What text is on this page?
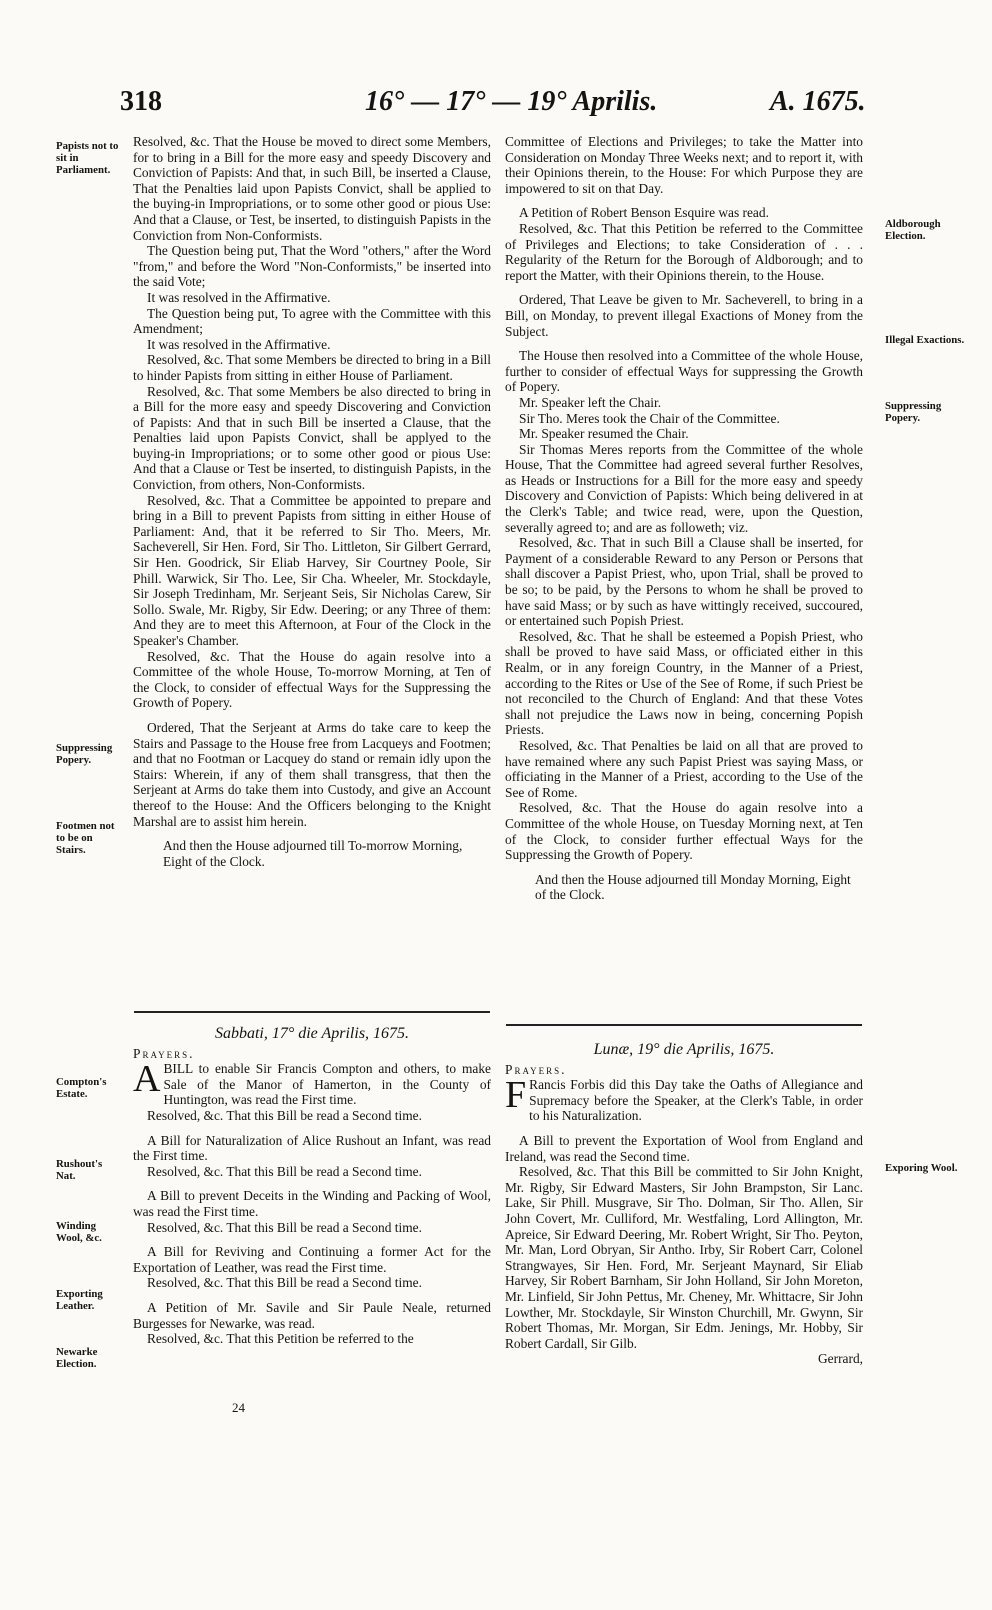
318	16° — 17° — 19° Aprilis.	A. 1675.
Papists not to sit in Parliament.
Suppressing Popery.
Footmen not to be on Stairs.
Compton's Estate.
Rushout's Nat.
Winding Wool, &c.
Exporting Leather.
Newarke Election.
Aldborough Election.
Illegal Exactions.
Suppressing Popery.
Exporing Wool.

Resolved, &c. That the House be moved to direct some Members, for to bring in a Bill for the more easy and speedy Discovery and Conviction of Papists: And that, in such Bill, be inserted a Clause, That the Penalties laid upon Papists Convict, shall be applied to the buying-in Impropriations, or to some other good or pious Use: And that a Clause, or Test, be inserted, to distinguish Papists in the Conviction from Non-Conformists.

The Question being put, That the Word "others," after the Word "from," and before the Word "Non-Conformists," be inserted into the said Vote;

It was resolved in the Affirmative.

The Question being put, To agree with the Committee with this Amendment;

It was resolved in the Affirmative.

Resolved, &c. That some Members be directed to bring in a Bill to hinder Papists from sitting in either House of Parliament.

Resolved, &c. That some Members be also directed to bring in a Bill for the more easy and speedy Discovering and Conviction of Papists: And that in such Bill be inserted a Clause, that the Penalties laid upon Papists Convict, shall be applyed to the buying-in Impropriations; or to some other good or pious Use: And that a Clause or Test be inserted, to distinguish Papists, in the Conviction, from others, Non-Conformists.

Resolved, &c. That a Committee be appointed to prepare and bring in a Bill to prevent Papists from sitting in either House of Parliament: And, that it be referred to Sir Tho. Meers, Mr. Sacheverell, Sir Hen. Ford, Sir Tho. Littleton, Sir Gilbert Gerrard, Sir Hen. Goodrick, Sir Eliab Harvey, Sir Courtney Poole, Sir Phill. Warwick, Sir Tho. Lee, Sir Cha. Wheeler, Mr. Stockdayle, Sir Joseph Tredinham, Mr. Serjeant Seis, Sir Nicholas Carew, Sir Sollo. Swale, Mr. Rigby, Sir Edw. Deering; or any Three of them: And they are to meet this Afternoon, at Four of the Clock in the Speaker's Chamber.

Resolved, &c. That the House do again resolve into a Committee of the whole House, To-morrow Morning, at Ten of the Clock, to consider of effectual Ways for the Suppressing the Growth of Popery.

Ordered, That the Serjeant at Arms do take care to keep the Stairs and Passage to the House free from Lacqueys and Footmen; and that no Footman or Lacquey do stand or remain idly upon the Stairs: Wherein, if any of them shall transgress, that then the Serjeant at Arms do take them into Custody, and give an Account thereof to the House: And the Officers belonging to the Knight Marshal are to assist him herein.

And then the House adjourned till To-morrow Morning, Eight of the Clock.

Sabbati, 17° die Aprilis, 1675.
Prayers.

ABILL to enable Sir Francis Compton and others, to make Sale of the Manor of Hamerton, in the County of Huntington, was read the First time.

Resolved, &c. That this Bill be read a Second time.

A Bill for Naturalization of Alice Rushout an Infant, was read the First time.

Resolved, &c. That this Bill be read a Second time.

A Bill to prevent Deceits in the Winding and Packing of Wool, was read the First time.

Resolved, &c. That this Bill be read a Second time.

A Bill for Reviving and Continuing a former Act for the Exportation of Leather, was read the First time.

Resolved, &c. That this Bill be read a Second time.

A Petition of Mr. Savile and Sir Paule Neale, returned Burgesses for Newarke, was read.

Resolved, &c. That this Petition be referred to the

24

Committee of Elections and Privileges; to take the Matter into Consideration on Monday Three Weeks next; and to report it, with their Opinions therein, to the House: For which Purpose they are impowered to sit on that Day.

A Petition of Robert Benson Esquire was read.

Resolved, &c. That this Petition be referred to the Committee of Privileges and Elections; to take Consideration of . . . Regularity of the Return for the Borough of Aldborough; and to report the Matter, with their Opinions therein, to the House.

Ordered, That Leave be given to Mr. Sacheverell, to bring in a Bill, on Monday, to prevent illegal Exactions of Money from the Subject.

The House then resolved into a Committee of the whole House, further to consider of effectual Ways for suppressing the Growth of Popery.

Mr. Speaker left the Chair.

Sir Tho. Meres took the Chair of the Committee.

Mr. Speaker resumed the Chair.

Sir Thomas Meres reports from the Committee of the whole House, That the Committee had agreed several further Resolves, as Heads or Instructions for a Bill for the more easy and speedy Discovery and Conviction of Papists: Which being delivered in at the Clerk's Table; and twice read, were, upon the Question, severally agreed to; and are as followeth; viz.

Resolved, &c. That in such Bill a Clause shall be inserted, for Payment of a considerable Reward to any Person or Persons that shall discover a Papist Priest, who, upon Trial, shall be proved to be so; to be paid, by the Persons to whom he shall be proved to have said Mass; or by such as have wittingly received, succoured, or entertained such Popish Priest.

Resolved, &c. That he shall be esteemed a Popish Priest, who shall be proved to have said Mass, or officiated either in this Realm, or in any foreign Country, in the Manner of a Priest, according to the Rites or Use of the See of Rome, if such Priest be not reconciled to the Church of England: And that these Votes shall not prejudice the Laws now in being, concerning Popish Priests.

Resolved, &c. That Penalties be laid on all that are proved to have remained where any such Papist Priest was saying Mass, or officiating in the Manner of a Priest, according to the Use of the See of Rome.

Resolved, &c. That the House do again resolve into a Committee of the whole House, on Tuesday Morning next, at Ten of the Clock, to consider further effectual Ways for the Suppressing the Growth of Popery.

And then the House adjourned till Monday Morning, Eight of the Clock.

Lunæ, 19° die Aprilis, 1675.
Prayers.

F Rancis Forbis did this Day take the Oaths of Allegiance and Supremacy before the Speaker, at the Clerk's Table, in order to his Naturalization.

A Bill to prevent the Exportation of Wool from England and Ireland, was read the Second time.

Resolved, &c. That this Bill be committed to Sir John Knight, Mr. Rigby, Sir Edward Masters, Sir John Brampston, Sir Lanc. Lake, Sir Phill. Musgrave, Sir Tho. Dolman, Sir Tho. Allen, Sir John Covert, Mr. Culliford, Mr. Westfaling, Lord Allington, Mr. Apreice, Sir Edward Deering, Mr. Robert Wright, Sir Tho. Peyton, Mr. Man, Lord Obryan, Sir Antho. Irby, Sir Robert Carr, Colonel Strangwayes, Sir Hen. Ford, Mr. Serjeant Maynard, Sir Eliab Harvey, Sir Robert Barnham, Sir John Holland, Sir John Moreton, Mr. Linfield, Sir John Pettus, Mr. Cheney, Mr. Whittacre, Sir John Lowther, Mr. Stockdayle, Sir Winston Churchill, Mr. Gwynn, Sir Robert Thomas, Mr. Morgan, Sir Edm. Jenings, Mr. Hobby, Sir Robert Cardall, Sir Gilb.

Gerrard,
